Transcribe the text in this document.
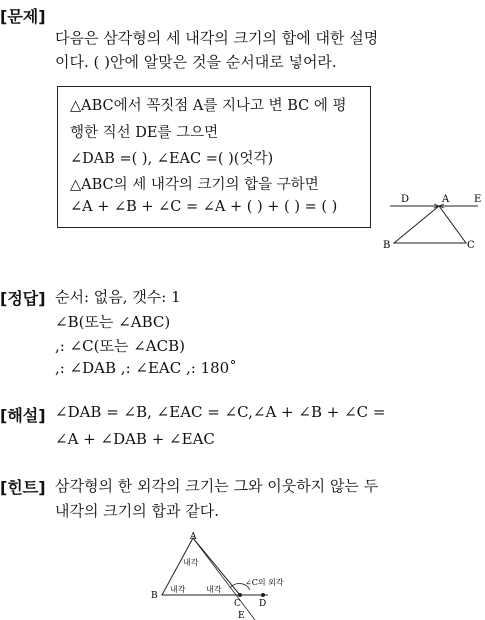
[문제]
다음은 삼각형의 세 내각의 크기의 합에 대한 설명
이다. ( )안에 알맞은 것을 순서대로 넣어라.
△ABC에서 꼭짓점 A를 지나고 변 BC 에 평
행한 직선 DE를 그으면
∠DAB =( ), ∠EAC =( )(엇각)
△ABC의 세 내각의 크기의 합을 구하면
∠A + ∠B + ∠C = ∠A + ( ) + ( ) = ( )	D	A E
B	C
[정답] 순서: 없음, 갯수: 1
∠B(또는 ∠ABC)
,: ∠C(또는 ∠ACB)
,: ∠DAB ,: ∠EAC ,: 180˚
[해설] ∠DAB = ∠B, ∠EAC = ∠C,∠A + ∠B + ∠C =
∠A + ∠DAB + ∠EAC
[힌트] 삼각형의 한 외각의 크기는 그와 이웃하지 않는 두
내각의 크기의 합과 같다.
A
B
C D
E
내각
내각	내각
∠C의 외각
